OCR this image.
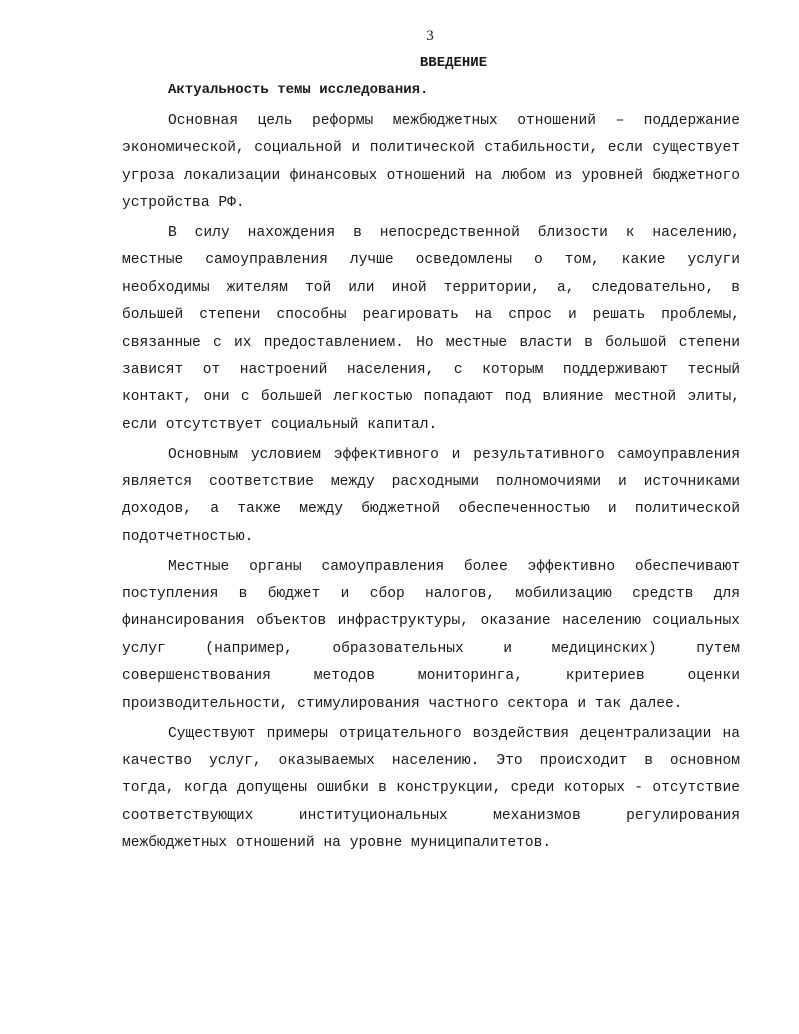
3
ВВЕДЕНИЕ
Актуальность темы исследования.

Основная цель реформы межбюджетных отношений – поддержание экономической, социальной и политической стабильности, если существует угроза локализации финансовых отношений на любом из уровней бюджетного устройства РФ.

В силу нахождения в непосредственной близости к населению, местные самоуправления лучше осведомлены о том, какие услуги необходимы жителям той или иной территории, а, следовательно, в большей степени способны реагировать на спрос и решать проблемы, связанные с их предоставлением. Но местные власти в большой степени зависят от настроений населения, с которым поддерживают тесный контакт, они с большей легкостью попадают под влияние местной элиты, если отсутствует социальный капитал.

Основным условием эффективного и результативного самоуправления является соответствие между расходными полномочиями и источниками доходов, а также между бюджетной обеспеченностью и политической подотчетностью.

Местные органы самоуправления более эффективно обеспечивают поступления в бюджет и сбор налогов, мобилизацию средств для финансирования объектов инфраструктуры, оказание населению социальных услуг (например, образовательных и медицинских) путем совершенствования методов мониторинга, критериев оценки производительности, стимулирования частного сектора и так далее.

Существуют примеры отрицательного воздействия децентрализации на качество услуг, оказываемых населению. Это происходит в основном тогда, когда допущены ошибки в конструкции, среди которых - отсутствие соответствующих институциональных механизмов регулирования межбюджетных отношений на уровне муниципалитетов.
